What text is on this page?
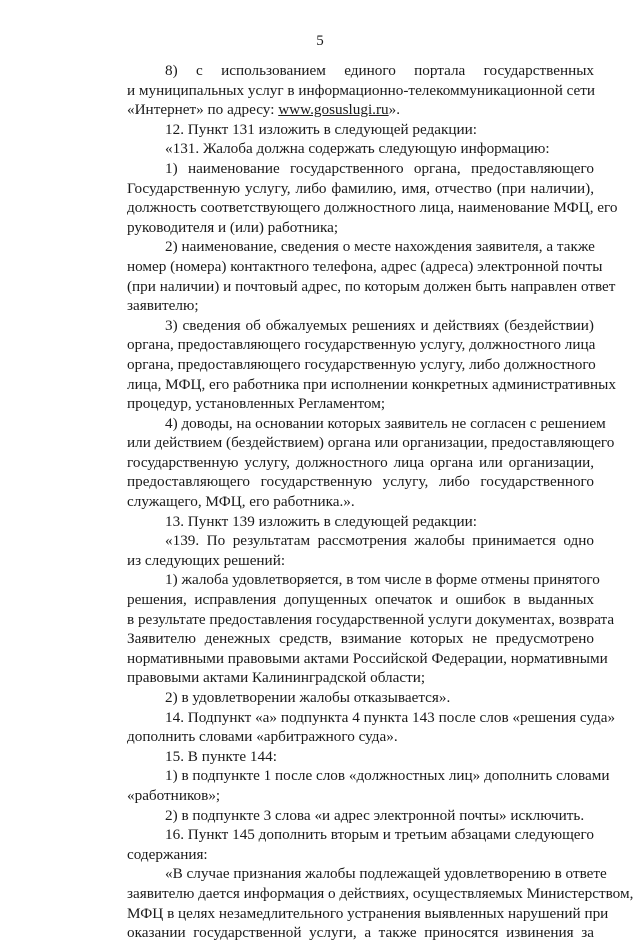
5
8) с использованием единого портала государственных
и муниципальных услуг в информационно-телекоммуникационной сети
«Интернет» по адресу: www.gosuslugi.ru».
12. Пункт 131 изложить в следующей редакции:
«131. Жалоба должна содержать следующую информацию:
1) наименование государственного органа, предоставляющего
Государственную услугу, либо фамилию, имя, отчество (при наличии),
должность соответствующего должностного лица, наименование МФЦ, его
руководителя и (или) работника;
2) наименование, сведения о месте нахождения заявителя, а также
номер (номера) контактного телефона, адрес (адреса) электронной почты
(при наличии) и почтовый адрес, по которым должен быть направлен ответ
заявителю;
3) сведения об обжалуемых решениях и действиях (бездействии)
органа, предоставляющего государственную услугу, должностного лица
органа, предоставляющего государственную услугу, либо должностного
лица, МФЦ, его работника при исполнении конкретных административных
процедур, установленных Регламентом;
4) доводы, на основании которых заявитель не согласен с решением
или действием (бездействием) органа или организации, предоставляющего
государственную услугу, должностного лица органа или организации,
предоставляющего государственную услугу, либо государственного
служащего, МФЦ, его работника.».
13. Пункт 139 изложить в следующей редакции:
«139. По результатам рассмотрения жалобы принимается одно
из следующих решений:
1) жалоба удовлетворяется, в том числе в форме отмены принятого
решения, исправления допущенных опечаток и ошибок в выданных
в результате предоставления государственной услуги документах, возврата
Заявителю денежных средств, взимание которых не предусмотрено
нормативными правовыми актами Российской Федерации, нормативными
правовыми актами Калининградской области;
2) в удовлетворении жалобы отказывается».
14. Подпункт «а» подпункта 4 пункта 143 после слов «решения суда»
дополнить словами «арбитражного суда».
15. В пункте 144:
1) в подпункте 1 после слов «должностных лиц» дополнить словами
«работников»;
2) в подпункте 3 слова «и адрес электронной почты» исключить.
16. Пункт 145 дополнить вторым и третьим абзацами следующего
содержания:
«В случае признания жалобы подлежащей удовлетворению в ответе
заявителю дается информация о действиях, осуществляемых Министерством,
МФЦ в целях незамедлительного устранения выявленных нарушений при
оказании государственной услуги, а также приносятся извинения за
